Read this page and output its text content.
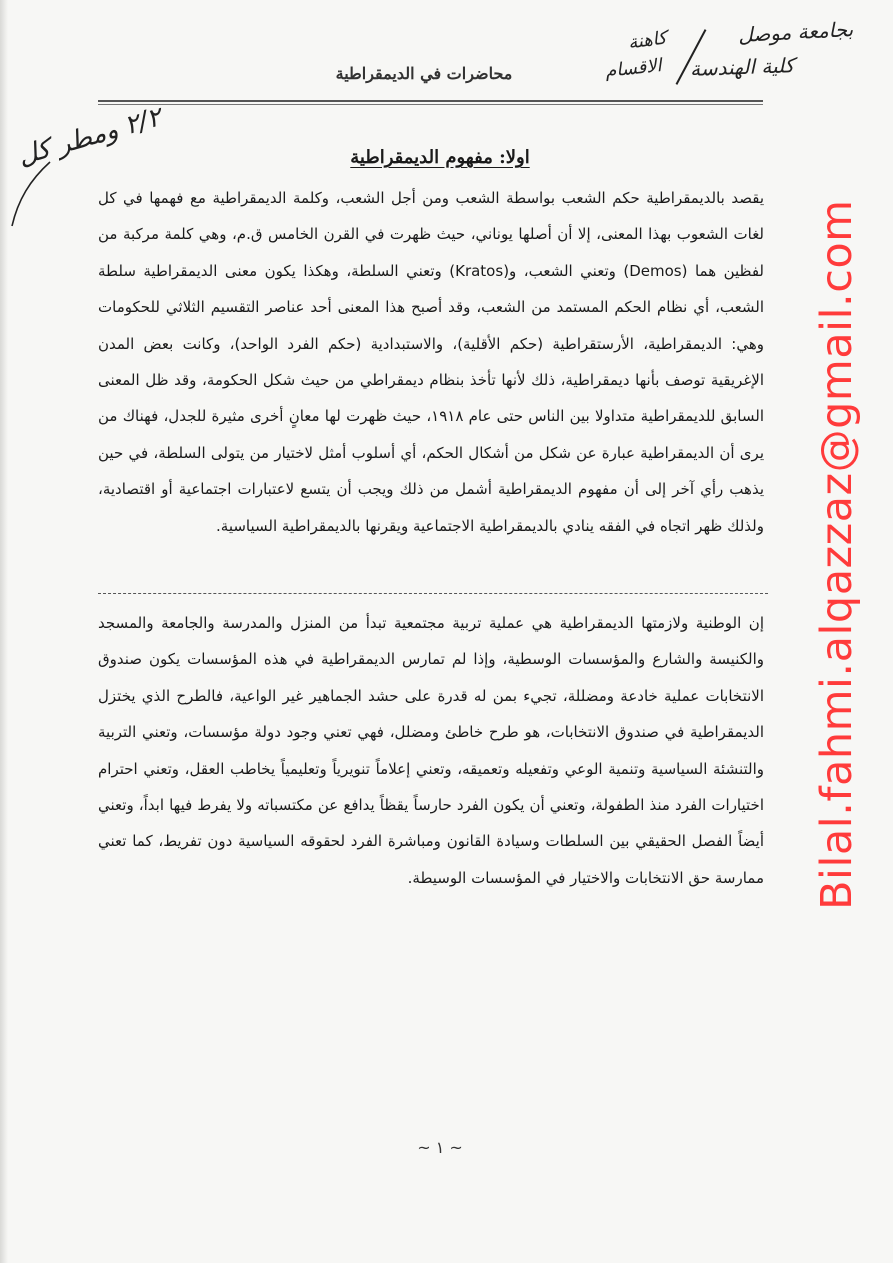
بجامعة موصل
كاهنة
كلية الهندسة
الاقسام
٢/٢ ومطر كل
محاضرات في الديمقراطية
اولا: مفهوم الديمقراطية
يقصد بالديمقراطية حكم الشعب بواسطة الشعب ومن أجل الشعب، وكلمة الديمقراطية مع فهمها في كل لغات الشعوب بهذا المعنى، إلا أن أصلها يوناني، حيث ظهرت في القرن الخامس ق.م، وهي كلمة مركبة من لفظين هما (Demos) وتعني الشعب، و(Kratos) وتعني السلطة، وهكذا يكون معنى الديمقراطية سلطة الشعب، أي نظام الحكم المستمد من الشعب، وقد أصبح هذا المعنى أحد عناصر التقسيم الثلاثي للحكومات وهي: الديمقراطية، الأرستقراطية (حكم الأقلية)، والاستبدادية (حكم الفرد الواحد)، وكانت بعض المدن الإغريقية توصف بأنها ديمقراطية، ذلك لأنها تأخذ بنظام ديمقراطي من حيث شكل الحكومة، وقد ظل المعنى السابق للديمقراطية متداولا بين الناس حتى عام ١٩١٨، حيث ظهرت لها معانٍ أخرى مثيرة للجدل، فهناك من يرى أن الديمقراطية عبارة عن شكل من أشكال الحكم، أي أسلوب أمثل لاختيار من يتولى السلطة، في حين يذهب رأي آخر إلى أن مفهوم الديمقراطية أشمل من ذلك ويجب أن يتسع لاعتبارات اجتماعية أو اقتصادية، ولذلك ظهر اتجاه في الفقه ينادي بالديمقراطية الاجتماعية ويقرنها بالديمقراطية السياسية.
إن الوطنية ولازمتها الديمقراطية هي عملية تربية مجتمعية تبدأ من المنزل والمدرسة والجامعة والمسجد والكنيسة والشارع والمؤسسات الوسطية، وإذا لم تمارس الديمقراطية في هذه المؤسسات يكون صندوق الانتخابات عملية خادعة ومضللة، تجيء بمن له قدرة على حشد الجماهير غير الواعية، فالطرح الذي يختزل الديمقراطية في صندوق الانتخابات، هو طرح خاطئ ومضلل، فهي تعني وجود دولة مؤسسات، وتعني التربية والتنشئة السياسية وتنمية الوعي وتفعيله وتعميقه، وتعني إعلاماً تنويرياً وتعليمياً يخاطب العقل، وتعني احترام اختيارات الفرد منذ الطفولة، وتعني أن يكون الفرد حارساً يقظاً يدافع عن مكتسباته ولا يفرط فيها ابداً، وتعني أيضاً الفصل الحقيقي بين السلطات وسيادة القانون ومباشرة الفرد لحقوقه السياسية دون تفريط، كما تعني ممارسة حق الانتخابات والاختيار في المؤسسات الوسيطة. Bilal.fahmi.alqazzaz@gmail.com
~ ١ ~
